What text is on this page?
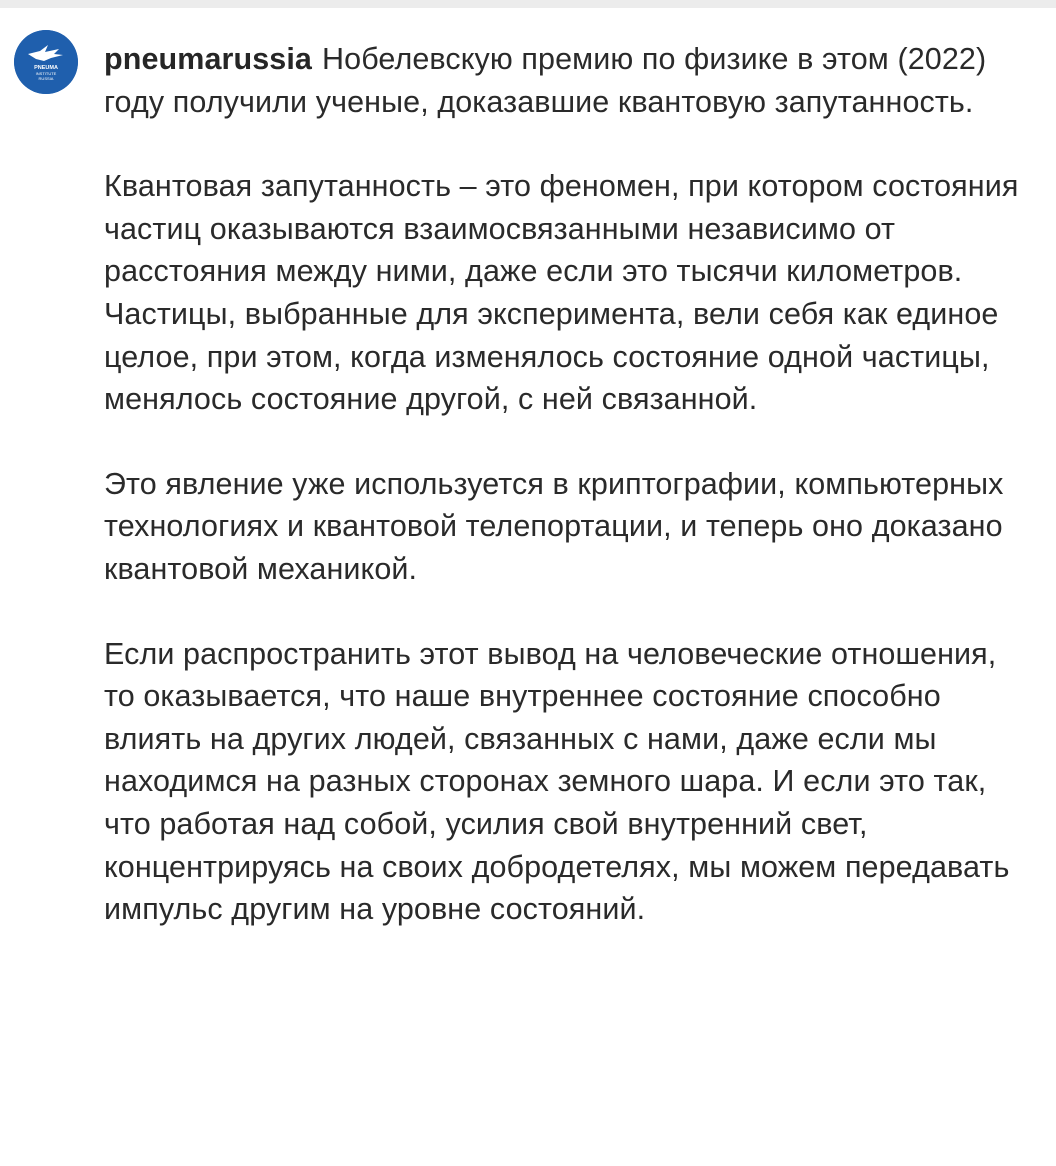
PNEUMA
INSTITUTE
RUSSIA

pneumarussia Нобелевскую премию по физике в этом (2022) году получили ученые, доказавшие квантовую запутанность.

Квантовая запутанность – это феномен, при котором состояния частиц оказываются взаимосвязанными независимо от расстояния между ними, даже если это тысячи километров. Частицы, выбранные для эксперимента, вели себя как единое целое, при этом, когда изменялось состояние одной частицы, менялось состояние другой, с ней связанной.

Это явление уже используется в криптографии, компьютерных технологиях и квантовой телепортации, и теперь оно доказано квантовой механикой.

Если распространить этот вывод на человеческие отношения, то оказывается, что наше внутреннее состояние способно влиять на других людей, связанных с нами, даже если мы находимся на разных сторонах земного шара. И если это так, что работая над собой, усилия свой внутренний свет, концентрируясь на своих добродетелях, мы можем передавать импульс другим на уровне состояний.
